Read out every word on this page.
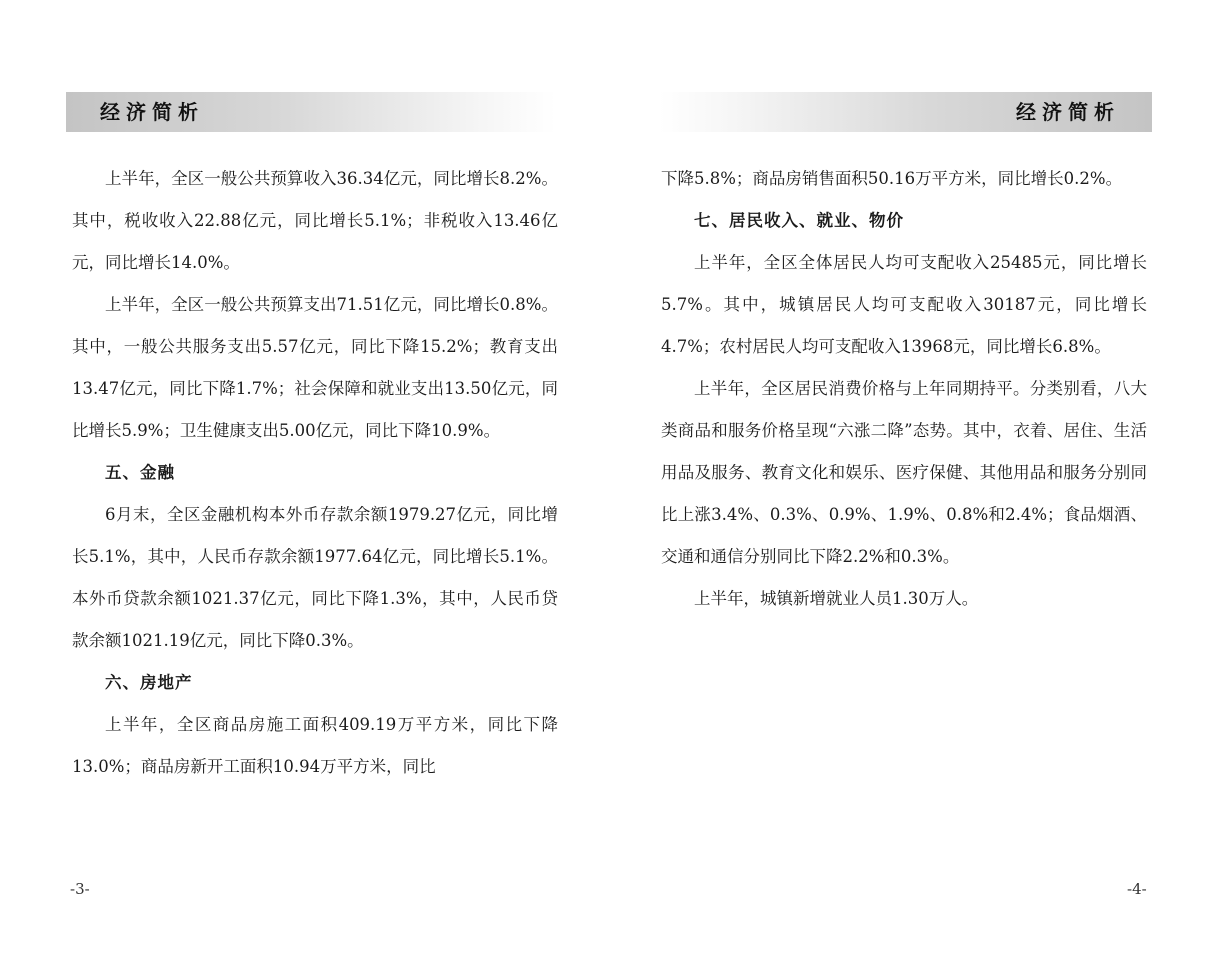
经济简析

上半年，全区一般公共预算收入36.34亿元，同比增长8.2%。其中，税收收入22.88亿元，同比增长5.1%；非税收入13.46亿元，同比增长14.0%。

上半年，全区一般公共预算支出71.51亿元，同比增长0.8%。其中，一般公共服务支出5.57亿元，同比下降15.2%；教育支出13.47亿元，同比下降1.7%；社会保障和就业支出13.50亿元，同比增长5.9%；卫生健康支出5.00亿元，同比下降10.9%。

五、金融

6月末，全区金融机构本外币存款余额1979.27亿元，同比增长5.1%，其中，人民币存款余额1977.64亿元，同比增长5.1%。本外币贷款余额1021.37亿元，同比下降1.3%，其中，人民币贷款余额1021.19亿元，同比下降0.3%。

六、房地产

上半年，全区商品房施工面积409.19万平方米，同比下降13.0%；商品房新开工面积10.94万平方米，同比

-3-
经济简析

下降5.8%；商品房销售面积50.16万平方米，同比增长0.2%。

七、居民收入、就业、物价

上半年，全区全体居民人均可支配收入25485元，同比增长5.7%。其中，城镇居民人均可支配收入30187元，同比增长4.7%；农村居民人均可支配收入13968元，同比增长6.8%。

上半年，全区居民消费价格与上年同期持平。分类别看，八大类商品和服务价格呈现“六涨二降”态势。其中，衣着、居住、生活用品及服务、教育文化和娱乐、医疗保健、其他用品和服务分别同比上涨3.4%、0.3%、0.9%、1.9%、0.8%和2.4%；食品烟酒、交通和通信分别同比下降2.2%和0.3%。

上半年，城镇新增就业人员1.30万人。

-4-
